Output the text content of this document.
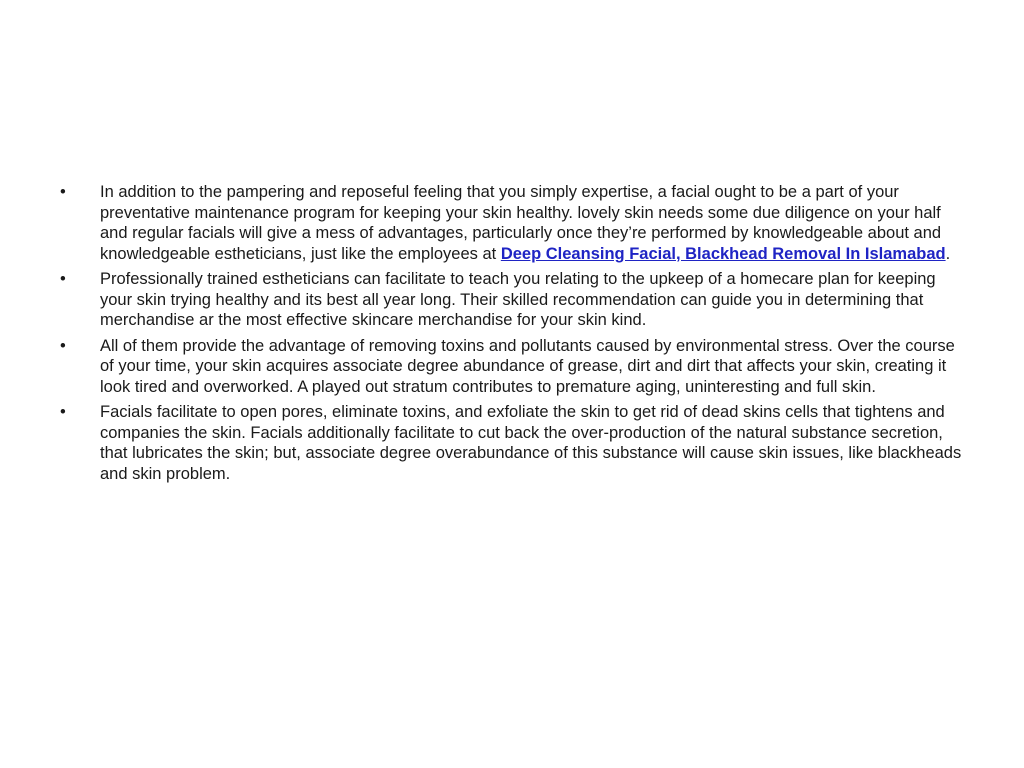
•	In addition to the pampering and reposeful feeling that you simply expertise, a facial ought to be a part of your preventative maintenance program for keeping your skin healthy. lovely skin needs some due diligence on your half and regular facials will give a mess of advantages, particularly once they’re performed by knowledgeable about and knowledgeable estheticians, just like the employees at Deep Cleansing Facial, Blackhead Removal In Islamabad.
•	Professionally trained estheticians can facilitate to teach you relating to the upkeep of a homecare plan for keeping your skin trying healthy and its best all year long. Their skilled recommendation can guide you in determining that merchandise ar the most effective skincare merchandise for your skin kind.
•	All of them provide the advantage of removing toxins and pollutants caused by environmental stress. Over the course of your time, your skin acquires associate degree abundance of grease, dirt and dirt that affects your skin, creating it look tired and overworked. A played out stratum contributes to premature aging, uninteresting and full skin.
•	Facials facilitate to open pores, eliminate toxins, and exfoliate the skin to get rid of dead skins cells that tightens and companies the skin. Facials additionally facilitate to cut back the over-production of the natural substance secretion, that lubricates the skin; but, associate degree overabundance of this substance will cause skin issues, like blackheads and skin problem.
